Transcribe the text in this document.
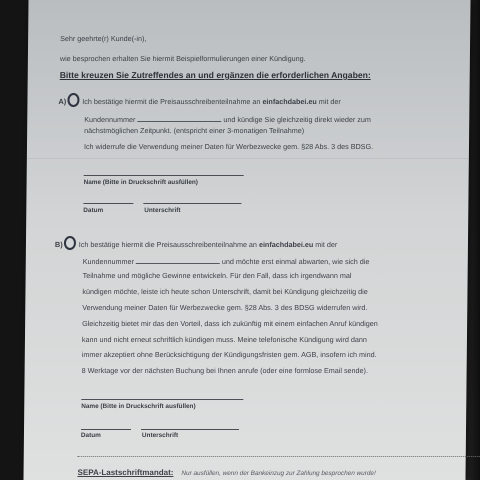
Sehr geehrte(r) Kunde(-in),
wie besprochen erhalten Sie hiermit Beispielformulierungen einer Kündigung.
Bitte kreuzen Sie Zutreffendes an und ergänzen die erforderlichen Angaben:
A) Ich bestätige hiermit die Preisausschreibenteilnahme an einfachdabei.eu mit der
Kundennummer	und kündige Sie gleichzeitig direkt wieder zum
nächstmöglichen Zeitpunkt. (entspricht einer 3-monatigen Teilnahme)
Ich widerrufe die Verwendung meiner Daten für Werbezwecke gem. §28 Abs. 3 des BDSG.
Name (Bitte in Druckschrift ausfüllen)
Datum	Unterschrift
B) Ich bestätige hiermit die Preisausschreibenteilnahme an einfachdabei.eu mit der
Kundennummer	und möchte erst einmal abwarten, wie sich die
Teilnahme und mögliche Gewinne entwickeln. Für den Fall, dass ich irgendwann mal
kündigen möchte, leiste ich heute schon Unterschrift, damit bei Kündigung gleichzeitig die
Verwendung meiner Daten für Werbezwecke gem. §28 Abs. 3 des BDSG widerrufen wird.
Gleichzeitig bietet mir das den Vorteil, dass ich zukünftig mit einem einfachen Anruf kündigen
kann und nicht erneut schriftlich kündigen muss. Meine telefonische Kündigung wird dann
immer akzeptiert ohne Berücksichtigung der Kündigungsfristen gem. AGB, insofern ich mind.
8 Werktage vor der nächsten Buchung bei Ihnen anrufe (oder eine formlose Email sende).
Name (Bitte in Druckschrift ausfüllen)
Datum	Unterschrift
SEPA-Lastschriftmandat: Nur ausfüllen, wenn der Bankeinzug zur Zahlung besprochen wurde!
